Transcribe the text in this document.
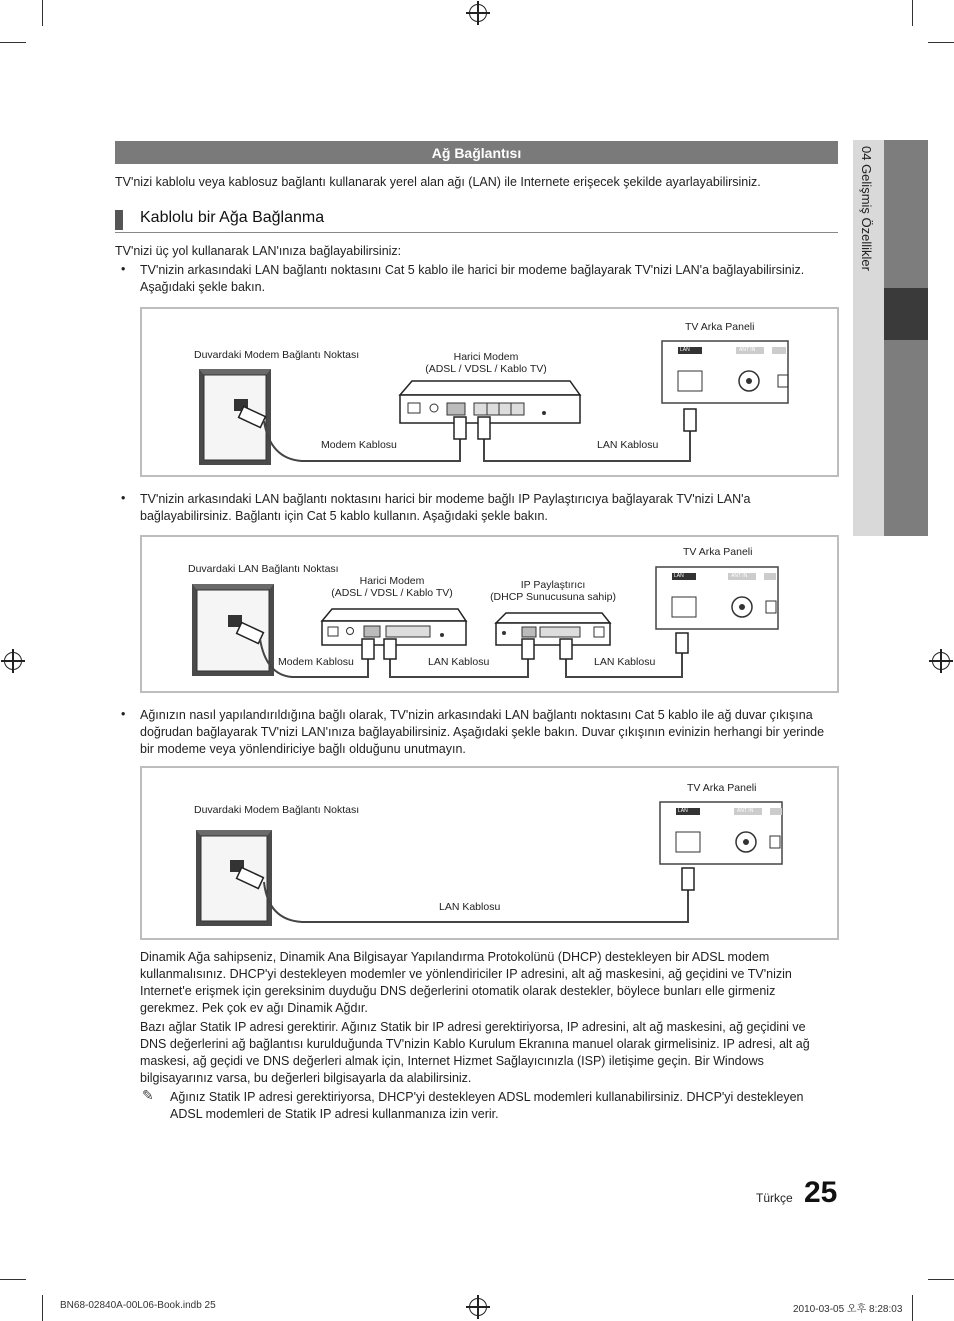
04 Gelişmiş Özellikler
Ağ Bağlantısı
TV'nizi kablolu veya kablosuz bağlantı kullanarak yerel alan ağı (LAN) ile Internete erişecek şekilde ayarlayabilirsiniz.
Kablolu bir Ağa Bağlanma
TV'nizi üç yol kullanarak LAN'ınıza bağlayabilirsiniz:
• TV'nizin arkasındaki LAN bağlantı noktasını Cat 5 kablo ile harici bir modeme bağlayarak TV'nizi LAN'a bağlayabilirsiniz. Aşağıdaki şekle bakın.
Duvardaki Modem Bağlantı Noktası	Harici Modem
(ADSL / VDSL / Kablo TV)
TV Arka Paneli
Modem Kablosu	LAN Kablosu
LAN	ANT IN
• TV'nizin arkasındaki LAN bağlantı noktasını harici bir modeme bağlı IP Paylaştırıcıya bağlayarak TV'nizi LAN'a bağlayabilirsiniz. Bağlantı için Cat 5 kablo kullanın. Aşağıdaki şekle bakın.
Duvardaki LAN Bağlantı Noktası
Harici Modem
(ADSL / VDSL / Kablo TV)
IP Paylaştırıcı
(DHCP Sunucusuna sahip)
TV Arka Paneli
Modem Kablosu	LAN Kablosu	LAN Kablosu
LAN	ANT IN
• Ağınızın nasıl yapılandırıldığına bağlı olarak, TV'nizin arkasındaki LAN bağlantı noktasını Cat 5 kablo ile ağ duvar çıkışına doğrudan bağlayarak TV'nizi LAN'ınıza bağlayabilirsiniz. Aşağıdaki şekle bakın. Duvar çıkışının evinizin herhangi bir yerinde bir modeme veya yönlendiriciye bağlı olduğunu unutmayın.
Duvardaki Modem Bağlantı Noktası
TV Arka Paneli
LAN Kablosu
LAN	ANT IN
Dinamik Ağa sahipseniz, Dinamik Ana Bilgisayar Yapılandırma Protokolünü (DHCP) destekleyen bir ADSL modem kullanmalısınız. DHCP'yi destekleyen modemler ve yönlendiriciler IP adresini, alt ağ maskesini, ağ geçidini ve TV'nizin Internet'e erişmek için gereksinim duyduğu DNS değerlerini otomatik olarak destekler, böylece bunları elle girmeniz gerekmez. Pek çok ev ağı Dinamik Ağdır.
Bazı ağlar Statik IP adresi gerektirir. Ağınız Statik bir IP adresi gerektiriyorsa, IP adresini, alt ağ maskesini, ağ geçidini ve DNS değerlerini ağ bağlantısı kurulduğunda TV'nizin Kablo Kurulum Ekranına manuel olarak girmelisiniz. IP adresi, alt ağ maskesi, ağ geçidi ve DNS değerleri almak için, Internet Hizmet Sağlayıcınızla (ISP) iletişime geçin. Bir Windows bilgisayarınız varsa, bu değerleri bilgisayarla da alabilirsiniz.
✎ Ağınız Statik IP adresi gerektiriyorsa, DHCP'yi destekleyen ADSL modemleri kullanabilirsiniz. DHCP'yi destekleyen ADSL modemleri de Statik IP adresi kullanmanıza izin verir.
Türkçe 25
BN68-02840A-00L06-Book.indb 25	2010-03-05 오후 8:28:03
